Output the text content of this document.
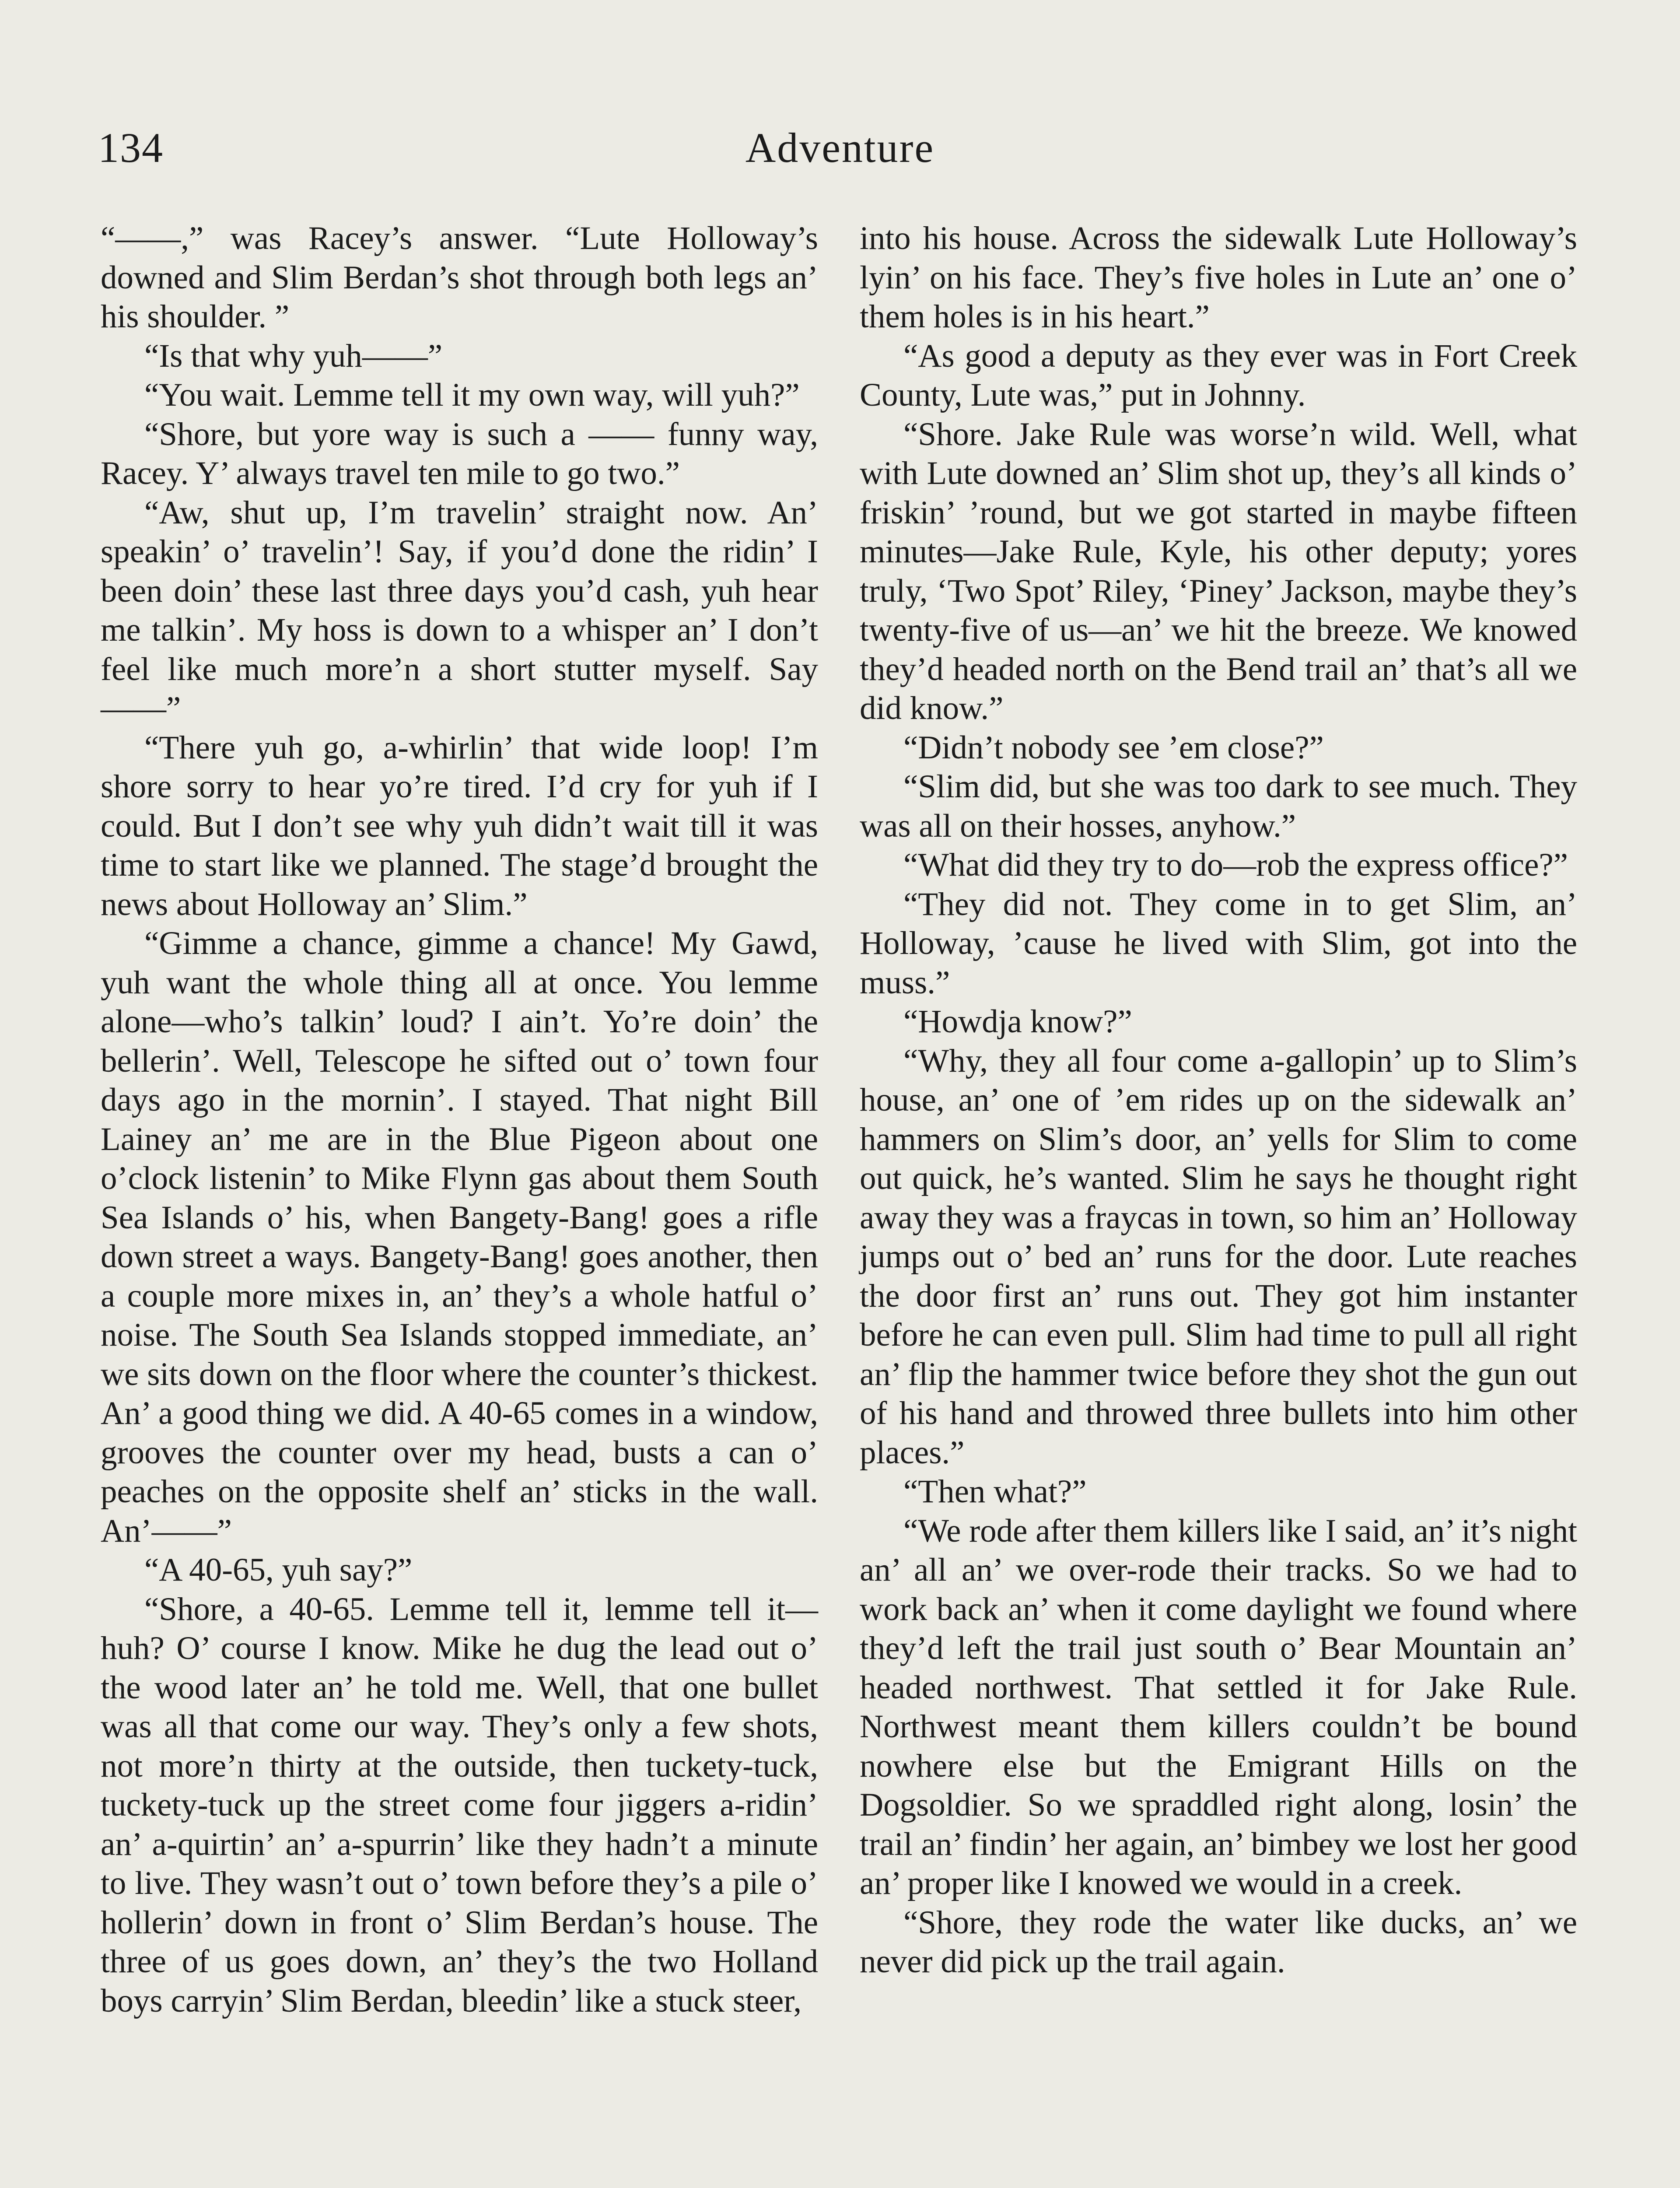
134	Adventure

“——,” was Racey’s answer. “Lute Holloway’s downed and Slim Berdan’s shot through both legs an’ his shoulder. ”

“Is that why yuh——”

“You wait. Lemme tell it my own way, will yuh?”

“Shore, but yore way is such a —— funny way, Racey. Y’ always travel ten mile to go two.”

“Aw, shut up, I’m travelin’ straight now. An’ speakin’ o’ travelin’! Say, if you’d done the ridin’ I been doin’ these last three days you’d cash, yuh hear me talkin’. My hoss is down to a whisper an’ I don’t feel like much more’n a short stutter myself. Say——”

“There yuh go, a-whirlin’ that wide loop! I’m shore sorry to hear yo’re tired. I’d cry for yuh if I could. But I don’t see why yuh didn’t wait till it was time to start like we planned. The stage’d brought the news about Holloway an’ Slim.”

“Gimme a chance, gimme a chance! My Gawd, yuh want the whole thing all at once. You lemme alone—who’s talkin’ loud? I ain’t. Yo’re doin’ the bellerin’. Well, Telescope he sifted out o’ town four days ago in the mornin’. I stayed. That night Bill Lainey an’ me are in the Blue Pigeon about one o’clock listenin’ to Mike Flynn gas about them South Sea Islands o’ his, when Bangety-Bang! goes a rifle down street a ways. Bangety-Bang! goes another, then a couple more mixes in, an’ they’s a whole hatful o’ noise. The South Sea Islands stopped immediate, an’ we sits down on the floor where the counter’s thickest. An’ a good thing we did. A 40-65 comes in a window, grooves the counter over my head, busts a can o’ peaches on the opposite shelf an’ sticks in the wall. An’——”

“A 40-65, yuh say?”

“Shore, a 40-65. Lemme tell it, lemme tell it—huh? O’ course I know. Mike he dug the lead out o’ the wood later an’ he told me. Well, that one bullet was all that come our way. They’s only a few shots, not more’n thirty at the outside, then tuckety-tuck, tuckety-tuck up the street come four jiggers a-ridin’ an’ a-quirtin’ an’ a-spurrin’ like they hadn’t a minute to live. They wasn’t out o’ town before they’s a pile o’ hollerin’ down in front o’ Slim Berdan’s house. The three of us goes down, an’ they’s the two Holland boys carryin’ Slim Berdan, bleedin’ like a stuck steer,

into his house. Across the sidewalk Lute Holloway’s lyin’ on his face. They’s five holes in Lute an’ one o’ them holes is in his heart.”

“As good a deputy as they ever was in Fort Creek County, Lute was,” put in Johnny.

“Shore. Jake Rule was worse’n wild. Well, what with Lute downed an’ Slim shot up, they’s all kinds o’ friskin’ ’round, but we got started in maybe fifteen minutes—Jake Rule, Kyle, his other deputy; yores truly, ‘Two Spot’ Riley, ‘Piney’ Jackson, maybe they’s twenty-five of us—an’ we hit the breeze. We knowed they’d headed north on the Bend trail an’ that’s all we did know.”

“Didn’t nobody see ’em close?”

“Slim did, but she was too dark to see much. They was all on their hosses, anyhow.”

“What did they try to do—rob the express office?”

“They did not. They come in to get Slim, an’ Holloway, ’cause he lived with Slim, got into the muss.”

“Howdja know?”

“Why, they all four come a-gallopin’ up to Slim’s house, an’ one of ’em rides up on the sidewalk an’ hammers on Slim’s door, an’ yells for Slim to come out quick, he’s wanted. Slim he says he thought right away they was a fraycas in town, so him an’ Holloway jumps out o’ bed an’ runs for the door. Lute reaches the door first an’ runs out. They got him instanter before he can even pull. Slim had time to pull all right an’ flip the hammer twice before they shot the gun out of his hand and throwed three bullets into him other places.”

“Then what?”

“We rode after them killers like I said, an’ it’s night an’ all an’ we over-rode their tracks. So we had to work back an’ when it come daylight we found where they’d left the trail just south o’ Bear Mountain an’ headed northwest. That settled it for Jake Rule. Northwest meant them killers couldn’t be bound nowhere else but the Emigrant Hills on the Dogsoldier. So we spraddled right along, losin’ the trail an’ findin’ her again, an’ bimbey we lost her good an’ proper like I knowed we would in a creek.

“Shore, they rode the water like ducks, an’ we never did pick up the trail again.
